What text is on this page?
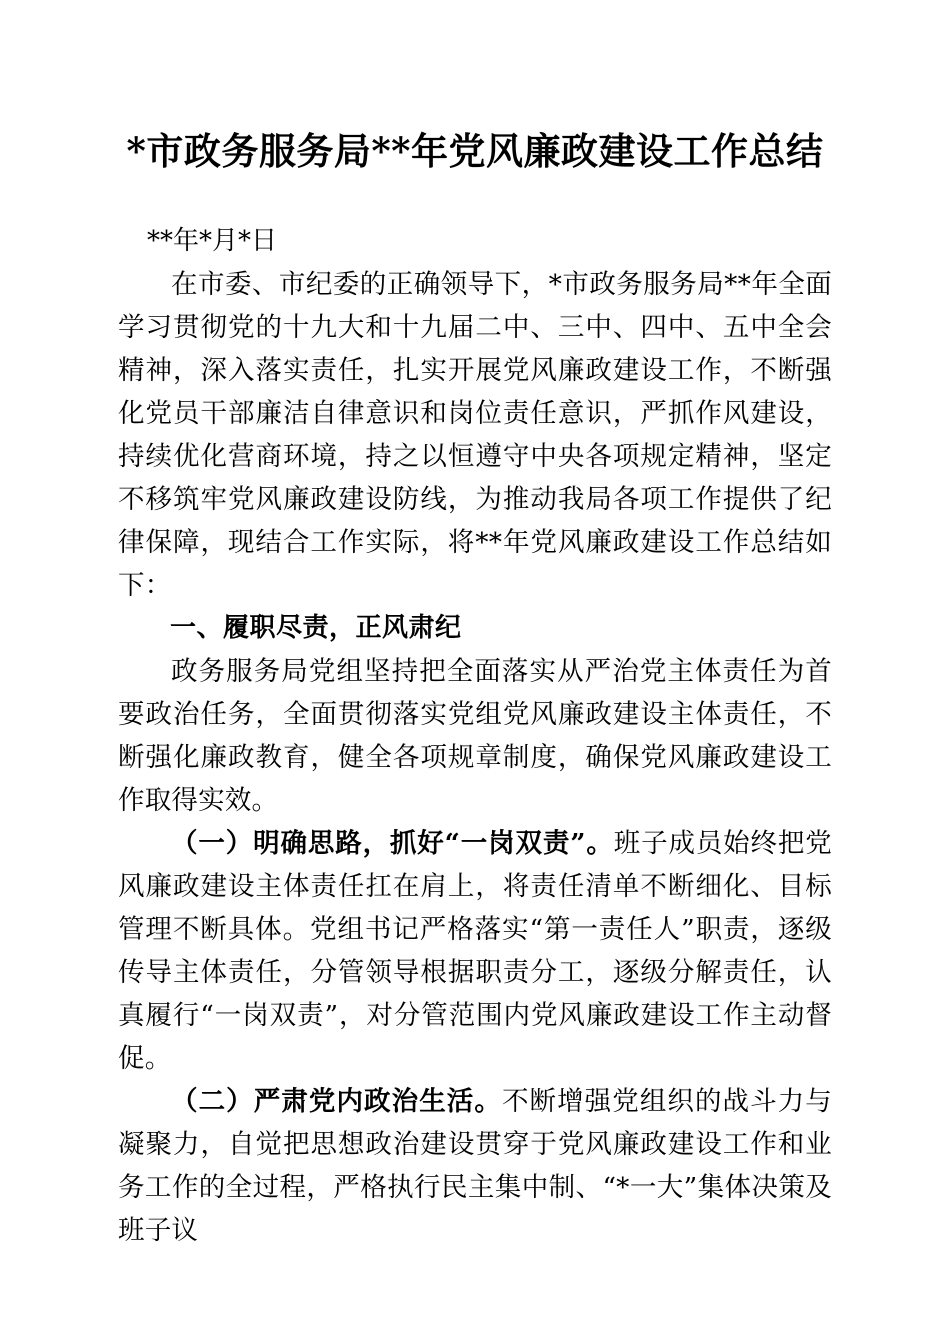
*市政务服务局**年党风廉政建设工作总结

**年*月*日

在市委、市纪委的正确领导下，*市政务服务局**年全面学习贯彻党的十九大和十九届二中、三中、四中、五中全会精神，深入落实责任，扎实开展党风廉政建设工作，不断强化党员干部廉洁自律意识和岗位责任意识，严抓作风建设，持续优化营商环境，持之以恒遵守中央各项规定精神，坚定不移筑牢党风廉政建设防线，为推动我局各项工作提供了纪律保障，现结合工作实际，将**年党风廉政建设工作总结如下：

一、履职尽责，正风肃纪

政务服务局党组坚持把全面落实从严治党主体责任为首要政治任务，全面贯彻落实党组党风廉政建设主体责任，不断强化廉政教育，健全各项规章制度，确保党风廉政建设工作取得实效。

（一）明确思路，抓好“一岗双责”。班子成员始终把党风廉政建设主体责任扛在肩上，将责任清单不断细化、目标管理不断具体。党组书记严格落实“第一责任人”职责，逐级传导主体责任，分管领导根据职责分工，逐级分解责任，认真履行“一岗双责”，对分管范围内党风廉政建设工作主动督促。

（二）严肃党内政治生活。不断增强党组织的战斗力与凝聚力，自觉把思想政治建设贯穿于党风廉政建设工作和业务工作的全过程，严格执行民主集中制、“*一大”集体决策及班子议
